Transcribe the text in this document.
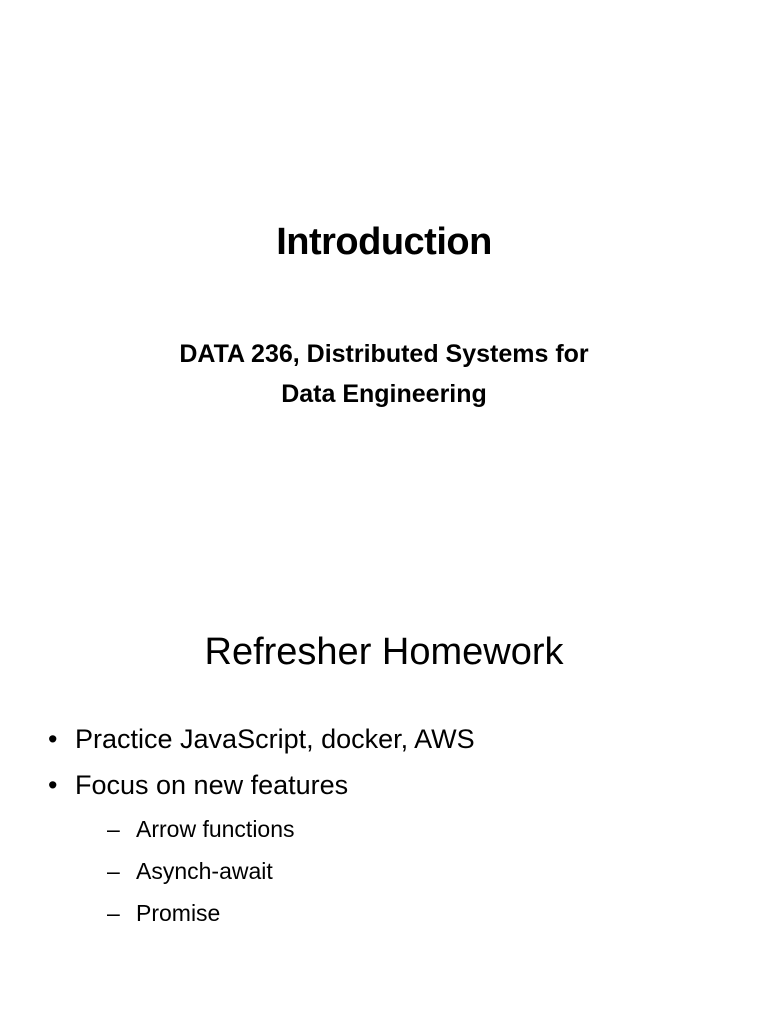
Introduction
DATA 236, Distributed Systems for
Data Engineering
Refresher Homework
• Practice JavaScript, docker, AWS
• Focus on new features
– Arrow functions
– Asynch-await
– Promise
